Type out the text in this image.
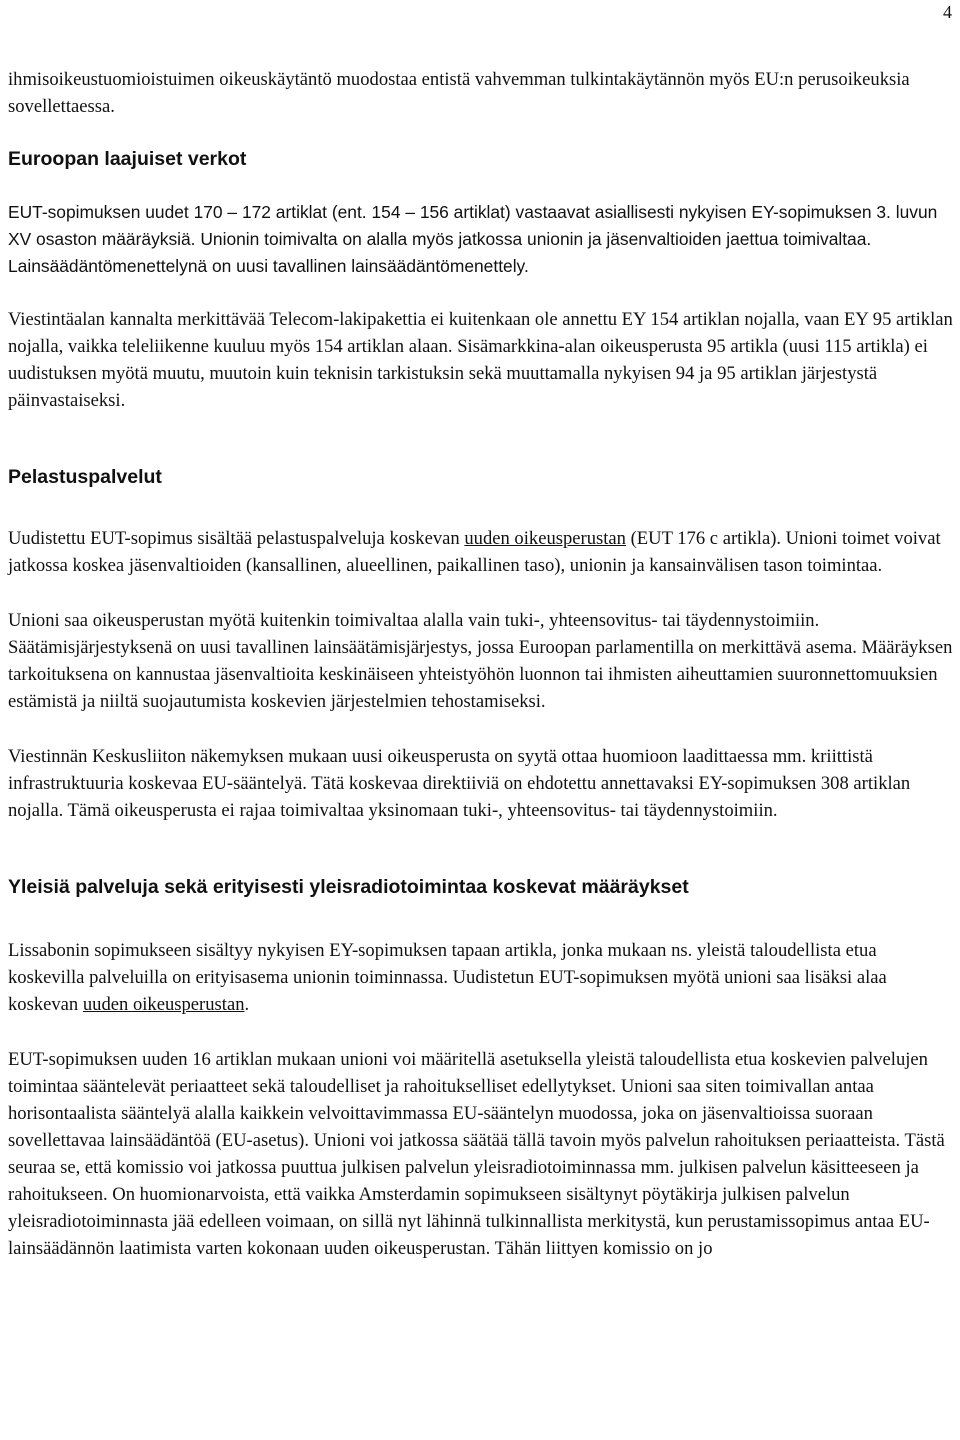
4

ihmisoikeustuomioistuimen oikeuskäytäntö muodostaa entistä vahvemman tulkintakäytännön myös EU:n perusoikeuksia sovellettaessa.

Euroopan laajuiset verkot

EUT-sopimuksen uudet 170 – 172 artiklat (ent. 154 – 156 artiklat) vastaavat asiallisesti nykyisen EY-sopimuksen 3. luvun XV osaston määräyksiä. Unionin toimivalta on alalla myös jatkossa unionin ja jäsenvaltioiden jaettua toimivaltaa. Lainsäädäntömenettelynä on uusi tavallinen lainsäädäntömenettely.

Viestintäalan kannalta merkittävää Telecom-lakipakettia ei kuitenkaan ole annettu EY 154 artiklan nojalla, vaan EY 95 artiklan nojalla, vaikka teleliikenne kuuluu myös 154 artiklan alaan. Sisämarkkina-alan oikeusperusta 95 artikla (uusi 115 artikla) ei uudistuksen myötä muutu, muutoin kuin teknisin tarkistuksin sekä muuttamalla nykyisen 94 ja 95 artiklan järjestystä päinvastaiseksi.

Pelastuspalvelut

Uudistettu EUT-sopimus sisältää pelastuspalveluja koskevan uuden oikeusperustan (EUT 176 c artikla). Unioni toimet voivat jatkossa koskea jäsenvaltioiden (kansallinen, alueellinen, paikallinen taso), unionin ja kansainvälisen tason toimintaa.

Unioni saa oikeusperustan myötä kuitenkin toimivaltaa alalla vain tuki-, yhteensovitus- tai täydennystoimiin. Säätämisjärjestyksenä on uusi tavallinen lainsäätämisjärjestys, jossa Euroopan parlamentilla on merkittävä asema. Määräyksen tarkoituksena on kannustaa jäsenvaltioita keskinäiseen yhteistyöhön luonnon tai ihmisten aiheuttamien suuronnettomuuksien estämistä ja niiltä suojautumista koskevien järjestelmien tehostamiseksi.

Viestinnän Keskusliiton näkemyksen mukaan uusi oikeusperusta on syytä ottaa huomioon laadittaessa mm. kriittistä infrastruktuuria koskevaa EU-sääntelyä. Tätä koskevaa direktiiviä on ehdotettu annettavaksi EY-sopimuksen 308 artiklan nojalla. Tämä oikeusperusta ei rajaa toimivaltaa yksinomaan tuki-, yhteensovitus- tai täydennystoimiin.

Yleisiä palveluja sekä erityisesti yleisradiotoimintaa koskevat määräykset

Lissabonin sopimukseen sisältyy nykyisen EY-sopimuksen tapaan artikla, jonka mukaan ns. yleistä taloudellista etua koskevilla palveluilla on erityisasema unionin toiminnassa. Uudistetun EUT-sopimuksen myötä unioni saa lisäksi alaa koskevan uuden oikeusperustan.

EUT-sopimuksen uuden 16 artiklan mukaan unioni voi määritellä asetuksella yleistä taloudellista etua koskevien palvelujen toimintaa sääntelevät periaatteet sekä taloudelliset ja rahoitukselliset edellytykset. Unioni saa siten toimivallan antaa horisontaalista sääntelyä alalla kaikkein velvoittavimmassa EU-sääntelyn muodossa, joka on jäsenvaltioissa suoraan sovellettavaa lainsäädäntöä (EU-asetus). Unioni voi jatkossa säätää tällä tavoin myös palvelun rahoituksen periaatteista. Tästä seuraa se, että komissio voi jatkossa puuttua julkisen palvelun yleisradiotoiminnassa mm. julkisen palvelun käsitteeseen ja rahoitukseen. On huomionarvoista, että vaikka Amsterdamin sopimukseen sisältynyt pöytäkirja julkisen palvelun yleisradiotoiminnasta jää edelleen voimaan, on sillä nyt lähinnä tulkinnallista merkitystä, kun perustamissopimus antaa EU-lainsäädännön laatimista varten kokonaan uuden oikeusperustan. Tähän liittyen komissio on jo
